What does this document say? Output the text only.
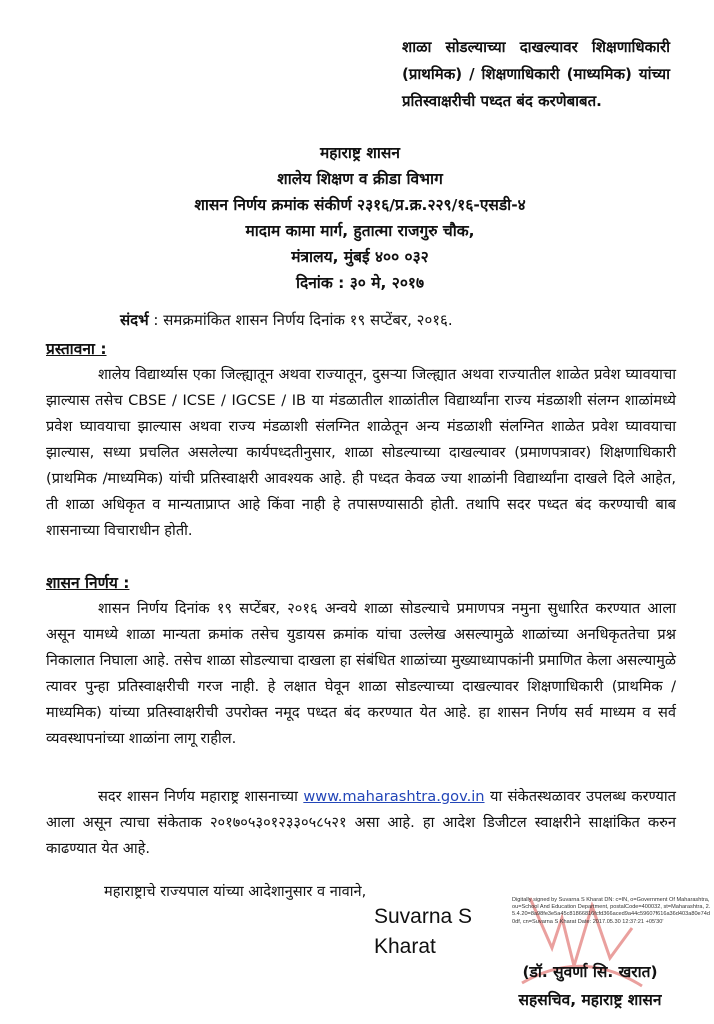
शाळा सोडल्याच्या दाखल्यावर शिक्षणाधिकारी (प्राथमिक) / शिक्षणाधिकारी (माध्यमिक) यांच्या प्रतिस्वाक्षरीची पध्दत बंद करणेबाबत.
महाराष्ट्र शासन
शालेय शिक्षण व क्रीडा विभाग
शासन निर्णय क्रमांक संकीर्ण २३१६/प्र.क्र.२२९/१६-एसडी-४
मादाम कामा मार्ग, हुतात्मा राजगुरु चौक,
मंत्रालय, मुंबई ४०० ०३२
दिनांक : ३० मे, २०१७
संदर्भ : समक्रमांकित शासन निर्णय दिनांक १९ सप्टेंबर, २०१६.
प्रस्तावना :
शालेय विद्यार्थ्यास एका जिल्ह्यातून अथवा राज्यातून, दुसऱ्या जिल्ह्यात अथवा राज्यातील शाळेत प्रवेश घ्यावयाचा झाल्यास तसेच CBSE / ICSE / IGCSE / IB या मंडळातील शाळांतील विद्यार्थ्यांना राज्य मंडळाशी संलग्न शाळांमध्ये प्रवेश घ्यावयाचा झाल्यास अथवा राज्य मंडळाशी संलग्नित शाळेतून अन्य मंडळाशी संलग्नित शाळेत प्रवेश घ्यावयाचा झाल्यास, सध्या प्रचलित असलेल्या कार्यपध्दतीनुसार, शाळा सोडल्याच्या दाखल्यावर (प्रमाणपत्रावर) शिक्षणाधिकारी (प्राथमिक /माध्यमिक) यांची प्रतिस्वाक्षरी आवश्यक आहे. ही पध्दत केवळ ज्या शाळांनी विद्यार्थ्यांना दाखले दिले आहेत, ती शाळा अधिकृत व मान्यताप्राप्त आहे किंवा नाही हे तपासण्यासाठी होती. तथापि सदर पध्दत बंद करण्याची बाब शासनाच्या विचाराधीन होती.
शासन निर्णय :
शासन निर्णय दिनांक १९ सप्टेंबर, २०१६ अन्वये शाळा सोडल्याचे प्रमाणपत्र नमुना सुधारित करण्यात आला असून यामध्ये शाळा मान्यता क्रमांक तसेच युडायस क्रमांक यांचा उल्लेख असल्यामुळे शाळांच्या अनधिकृततेचा प्रश्न निकालात निघाला आहे. तसेच शाळा सोडल्याचा दाखला हा संबंधित शाळांच्या मुख्याध्यापकांनी प्रमाणित केला असल्यामुळे त्यावर पुन्हा प्रतिस्वाक्षरीची गरज नाही. हे लक्षात घेवून शाळा सोडल्याच्या दाखल्यावर शिक्षणाधिकारी (प्राथमिक / माध्यमिक) यांच्या प्रतिस्वाक्षरीची उपरोक्त नमूद पध्दत बंद करण्यात येत आहे. हा शासन निर्णय सर्व माध्यम व सर्व व्यवस्थापनांच्या शाळांना लागू राहील.
सदर शासन निर्णय महाराष्ट्र शासनाच्या www.maharashtra.gov.in या संकेतस्थळावर उपलब्ध करण्यात आला असून त्याचा संकेताक २०१७०५३०१२३३०५८५२१ असा आहे. हा आदेश डिजीटल स्वाक्षरीने साक्षांकित करुन काढण्यात येत आहे.
महाराष्ट्राचे राज्यपाल यांच्या आदेशानुसार व नावाने,
Suvarna S
Kharat
Digitally signed by Suvarna S Kharat DN: c=IN, o=Government Of Maharashtra, ou=School And Education Department, postalCode=400032, st=Maharashtra, 2.5.4.20=8a98fe3e5a45c81866816fcfd366aced9a44c59607f616a36d403a80e74d0df, cn=Suvarna S Kharat Date: 2017.05.30 12:37:21 +05'30'
(डॉ. सुवर्णा सि. खरात)
सहसचिव, महाराष्ट्र शासन
